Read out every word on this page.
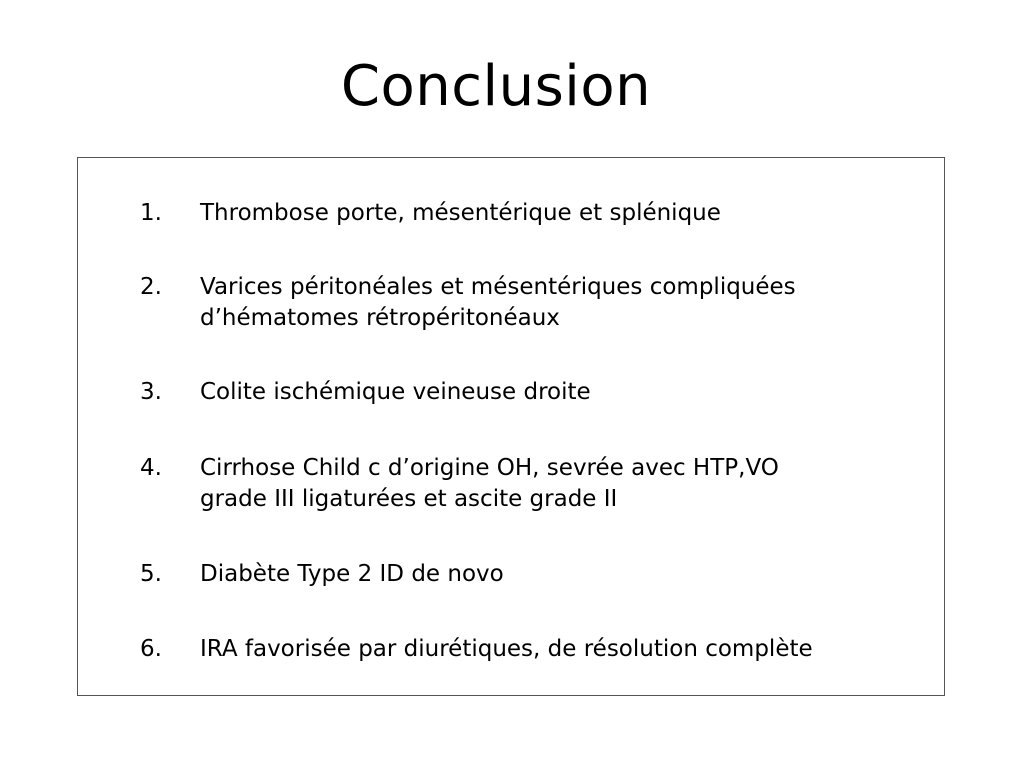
Conclusion
1. Thrombose porte, mésentérique et splénique
2. Varices péritonéales et mésentériques compliquées
d’hématomes rétropéritonéaux
3. Colite ischémique veineuse droite
4. Cirrhose Child c d’origine OH, sevrée avec HTP,VO
grade III ligaturées et ascite grade II
5. Diabète Type 2 ID de novo
6. IRA favorisée par diurétiques, de résolution complète
